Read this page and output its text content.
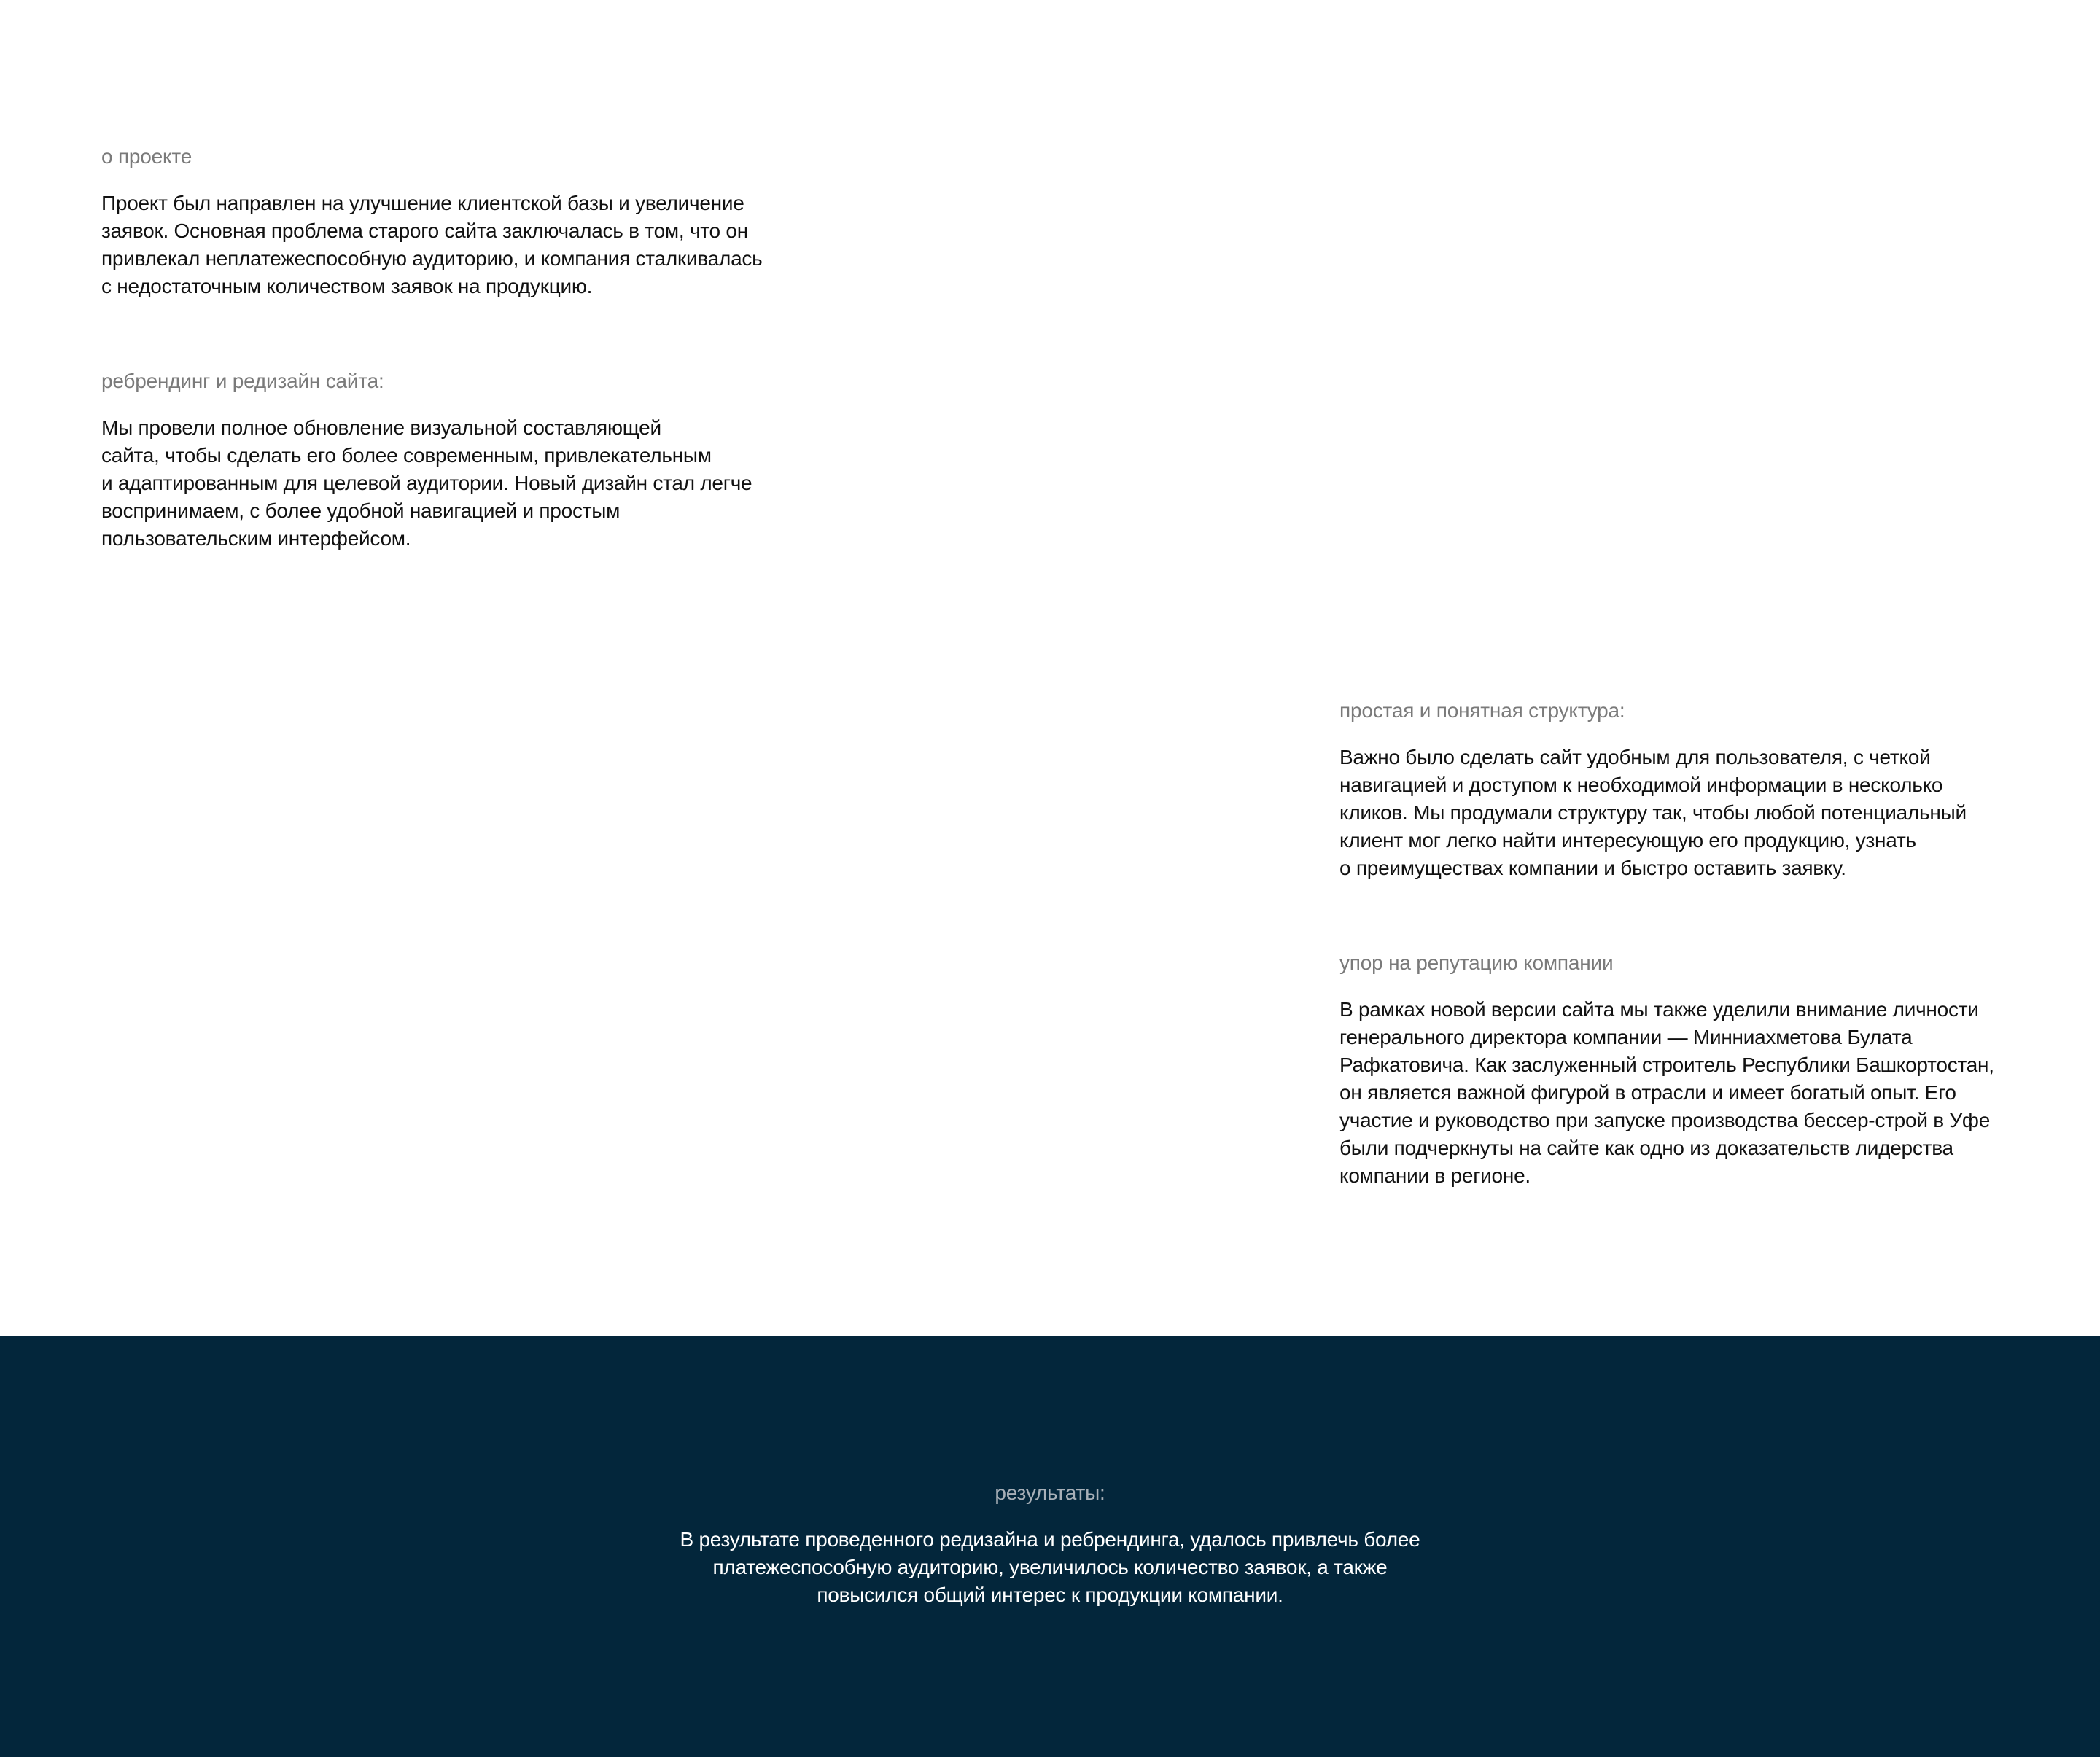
о проекте

Проект был направлен на улучшение клиентской базы и увеличение
заявок. Основная проблема старого сайта заключалась в том, что он
привлекал неплатежеспособную аудиторию, и компания сталкивалась
с недостаточным количеством заявок на продукцию.

ребрендинг и редизайн сайта:

Мы провели полное обновление визуальной составляющей
сайта, чтобы сделать его более современным, привлекательным
и адаптированным для целевой аудитории. Новый дизайн стал легче
воспринимаем, с более удобной навигацией и простым
пользовательским интерфейсом.

простая и понятная структура:

Важно было сделать сайт удобным для пользователя, с четкой
навигацией и доступом к необходимой информации в несколько
кликов. Мы продумали структуру так, чтобы любой потенциальный
клиент мог легко найти интересующую его продукцию, узнать
о преимуществах компании и быстро оставить заявку.

упор на репутацию компании

В рамках новой версии сайта мы также уделили внимание личности
генерального директора компании — Минниахметова Булата
Рафкатовича. Как заслуженный строитель Республики Башкортостан,
он является важной фигурой в отрасли и имеет богатый опыт. Его
участие и руководство при запуске производства бессер-строй в Уфе
были подчеркнуты на сайте как одно из доказательств лидерства
компании в регионе.

результаты:

В результате проведенного редизайна и ребрендинга, удалось привлечь более
платежеспособную аудиторию, увеличилось количество заявок, а также
повысился общий интерес к продукции компании.
